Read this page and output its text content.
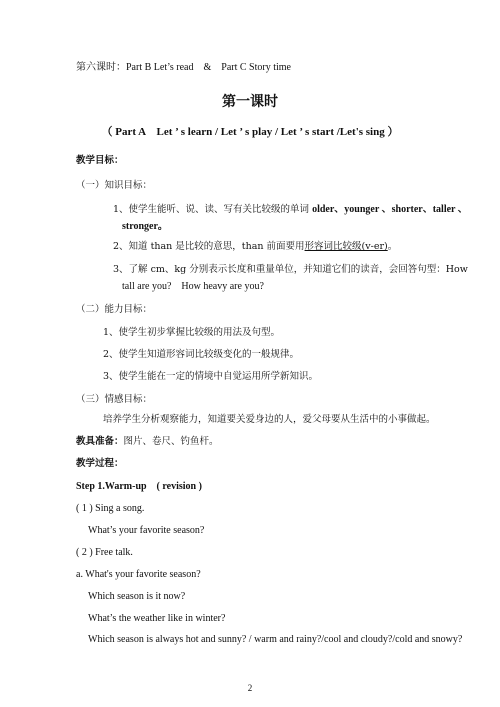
第六课时：Part B Let’s read　&　Part C Story time
第一课时
（ Part A　Let ’ s learn / Let ’ s play / Let ’ s start /Let's sing ）
教学目标：
（一）知识目标：
1、使学生能听、说、读、写有关比较级的单词 older、younger 、shorter、taller 、
stronger。
2、知道 than 是比较的意思，than 前面要用形容词比较级(v-er)。
3、了解 cm、kg 分别表示长度和重量单位，并知道它们的读音，会回答句型：How
tall are you?　How heavy are you?
（二）能力目标：
1、使学生初步掌握比较级的用法及句型。
2、使学生知道形容词比较级变化的一般规律。
3、使学生能在一定的情境中自觉运用所学新知识。
（三）情感目标：
培养学生分析观察能力，知道要关爱身边的人，爱父母要从生活中的小事做起。
教具准备：图片、卷尺、钓鱼杆。
教学过程：
Step 1.Warm-up　( revision )
( 1 ) Sing a song.
What’s your favorite season?
( 2 ) Free talk.
a. What's your favorite season?
Which season is it now?
What’s the weather like in winter?
Which season is always hot and sunny? / warm and rainy?/cool and cloudy?/cold and snowy?
2
